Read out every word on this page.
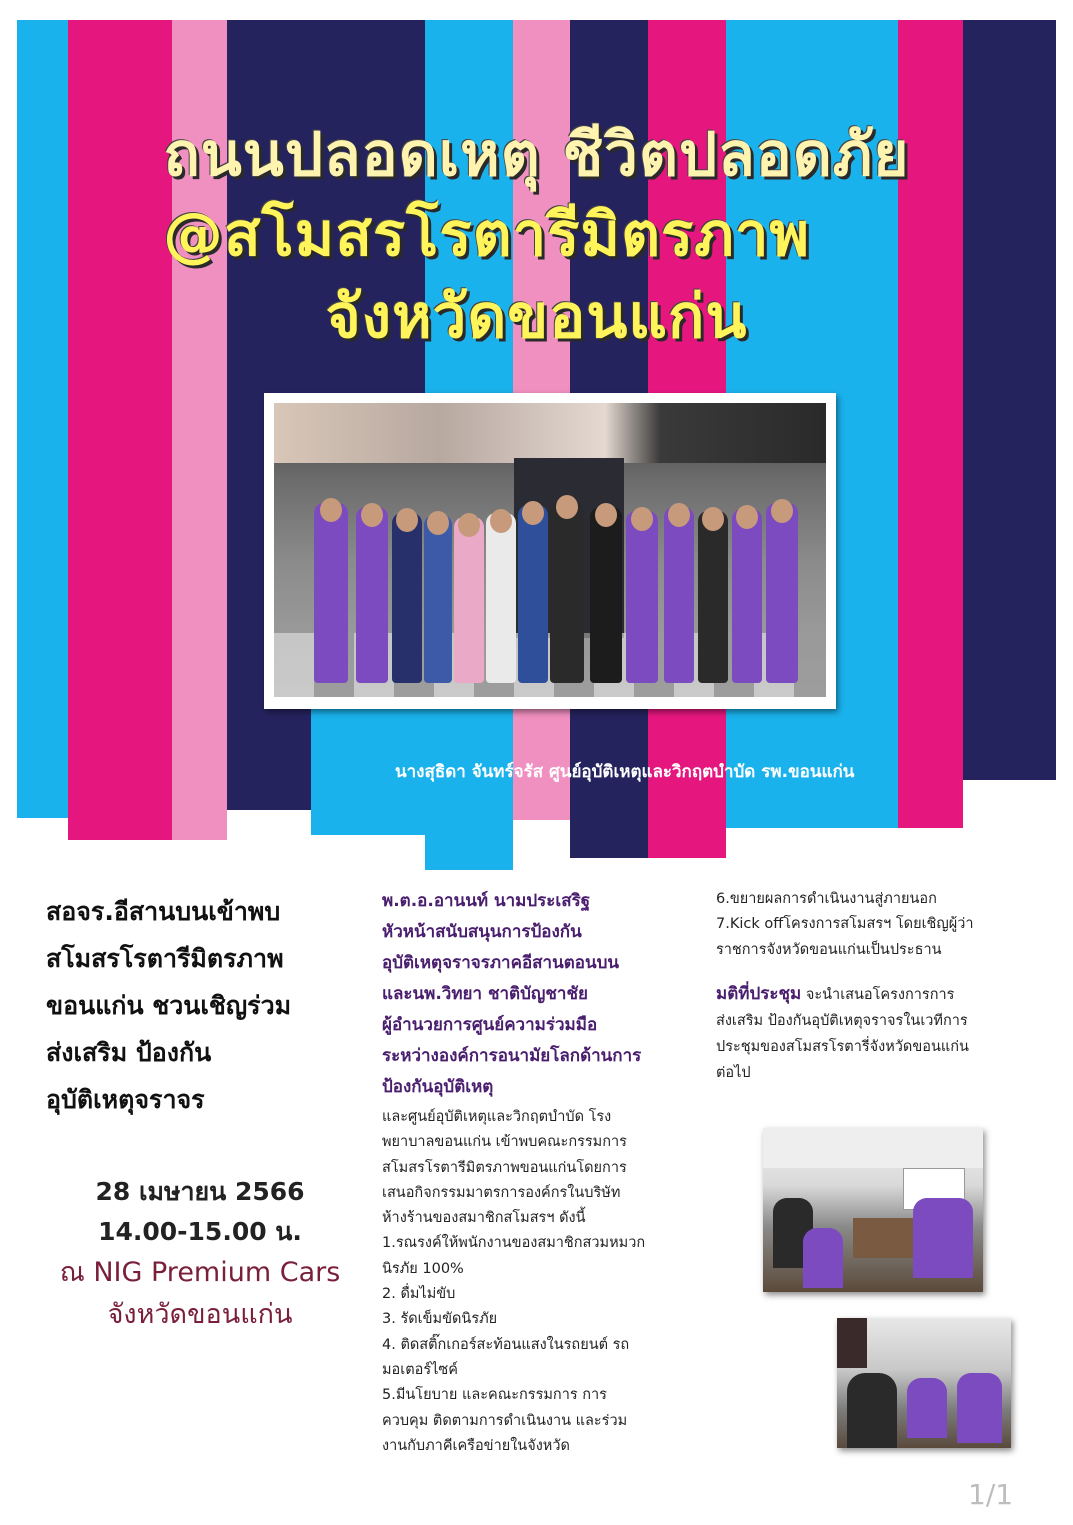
ถนนปลอดเหตุ ชีวิตปลอดภัย
@สโมสรโรตารีมิตรภาพ
จังหวัดขอนแก่น
นางสุธิดา จันทร์จรัส ศูนย์อุบัติเหตุและวิกฤตบำบัด รพ.ขอนแก่น
สอจร.อีสานบนเข้าพบ
สโมสรโรตารีมิตรภาพ
ขอนแก่น ชวนเชิญร่วม
ส่งเสริม ป้องกัน
อุบัติเหตุจราจร
28 เมษายน 2566
14.00-15.00 น.
ณ NIG Premium Cars
จังหวัดขอนแก่น
พ.ต.อ.อานนท์ นามประเสริฐ
หัวหน้าสนับสนุนการป้องกัน
อุบัติเหตุจราจรภาคอีสานตอนบน
และนพ.วิทยา ชาติบัญชาชัย
ผู้อำนวยการศูนย์ความร่วมมือ
ระหว่างองค์การอนามัยโลกด้านการ
ป้องกันอุบัติเหตุ
และศูนย์อุบัติเหตุและวิกฤตบำบัด โรง
พยาบาลขอนแก่น เข้าพบคณะกรรมการ
สโมสรโรตารีมิตรภาพขอนแก่นโดยการ
เสนอกิจกรรมมาตรการองค์กรในบริษัท
ห้างร้านของสมาชิกสโมสรฯ ดังนี้
1.รณรงค์ให้พนักงานของสมาชิกสวมหมวก
นิรภัย 100%
2. ดื่มไม่ขับ
3. รัดเข็มขัดนิรภัย
4. ติดสติ๊กเกอร์สะท้อนแสงในรถยนต์ รถ
มอเตอร์ไซค์
5.มีนโยบาย และคณะกรรมการ การ
ควบคุม ติดตามการดำเนินงาน และร่วม
งานกับภาคีเครือข่ายในจังหวัด
6.ขยายผลการดำเนินงานสู่ภายนอก
7.Kick offโครงการสโมสรฯ โดยเชิญผู้ว่า
ราชการจังหวัดขอนแก่นเป็นประธาน
มติที่ประชุม จะนำเสนอโครงการการ
ส่งเสริม ป้องกันอุบัติเหตุจราจรในเวทีการ
ประชุมของสโมสรโรตารี่จังหวัดขอนแก่น
ต่อไป
1/1
